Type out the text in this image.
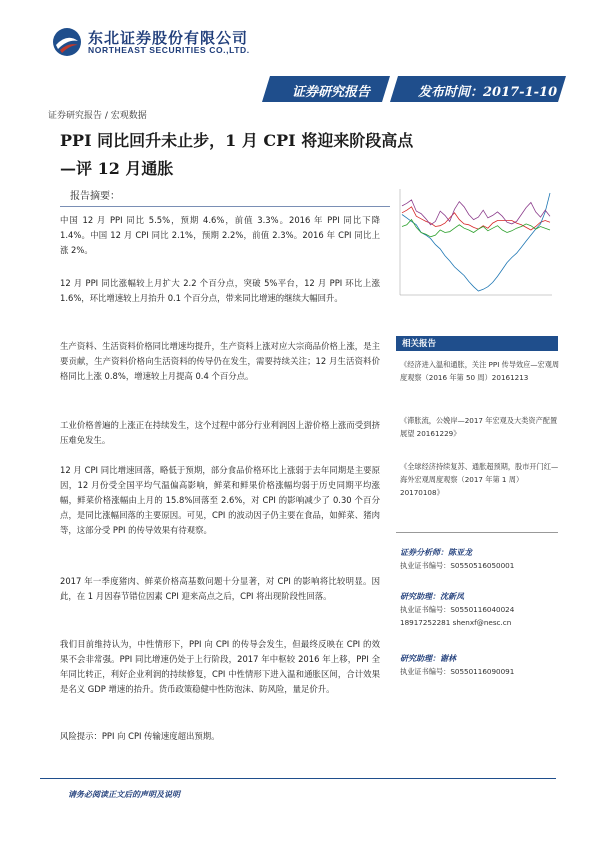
东北证券股份有限公司
NORTHEAST SECURITIES CO.,LTD.
证券研究报告	发布时间：2017-1-10
证券研究报告 / 宏观数据
PPI 同比回升未止步，1 月 CPI 将迎来阶段高点—评 12 月通胀
报告摘要：
中国 12 月 PPI 同比 5.5%，预期 4.6%，前值 3.3%。2016 年 PPI 同比下降 1.4%。中国 12 月 CPI 同比 2.1%，预期 2.2%，前值 2.3%。2016 年 CPI 同比上涨 2%。
12 月 PPI 同比涨幅较上月扩大 2.2 个百分点，突破 5%平台，12 月 PPI 环比上涨 1.6%，环比增速较上月抬升 0.1 个百分点，带来同比增速的继续大幅回升。
生产资料、生活资料价格同比增速均提升，生产资料上涨对应大宗商品价格上涨，是主要贡献，生产资料价格向生活资料的传导仍在发生，需要持续关注；12 月生活资料价格同比上涨 0.8%，增速较上月提高 0.4 个百分点。
工业价格普遍的上涨正在持续发生，这个过程中部分行业利润因上游价格上涨而受到挤压难免发生。
12 月 CPI 同比增速回落，略低于预期，部分食品价格环比上涨弱于去年同期是主要原因，12 月份受全国平均气温偏高影响，鲜菜和鲜果价格涨幅均弱于历史同期平均涨幅，鲜菜价格涨幅由上月的 15.8%回落至 2.6%，对 CPI 的影响减少了 0.30 个百分点，是同比涨幅回落的主要原因。可见，CPI 的波动因子仍主要在食品，如鲜菜、猪肉等，这部分受 PPI 的传导效果有待观察。
2017 年一季度猪肉、鲜菜价格高基数问题十分显著，对 CPI 的影响将比较明显。因此，在 1 月因春节错位因素 CPI 迎来高点之后，CPI 将出现阶段性回落。
我们目前维持认为，中性情形下，PPI 向 CPI 的传导会发生，但最终反映在 CPI 的效果不会非常强。PPI 同比增速仍处于上行阶段，2017 年中枢较 2016 年上移，PPI 全年同比转正，利好企业利润的持续修复，CPI 中性情形下进入温和通胀区间，合计效果是名义 GDP 增速的抬升。货币政策稳健中性防泡沫、防风险，量足价升。
风险提示：PPI 向 CPI 传输速度超出预期。
相关报告
《经济进入温和通胀，关注 PPI 传导效应—宏观周度观察（2016 年第 50 周）20161213
《滞胀流，公娩岸—2017 年宏观及大类资产配置展望 20161229》
《全球经济持续复苏、通胀超预期，股市开门红—海外宏观周度观察（2017 年第 1 周）20170108》
证券分析师：陈亚龙
执业证书编号：S0550516050001
研究助理：沈新凤
执业证书编号：S0550116040024
18917252281 shenxf@nesc.cn
研究助理：谢林
执业证书编号：S0550116090091
请务必阅读正文后的声明及说明
